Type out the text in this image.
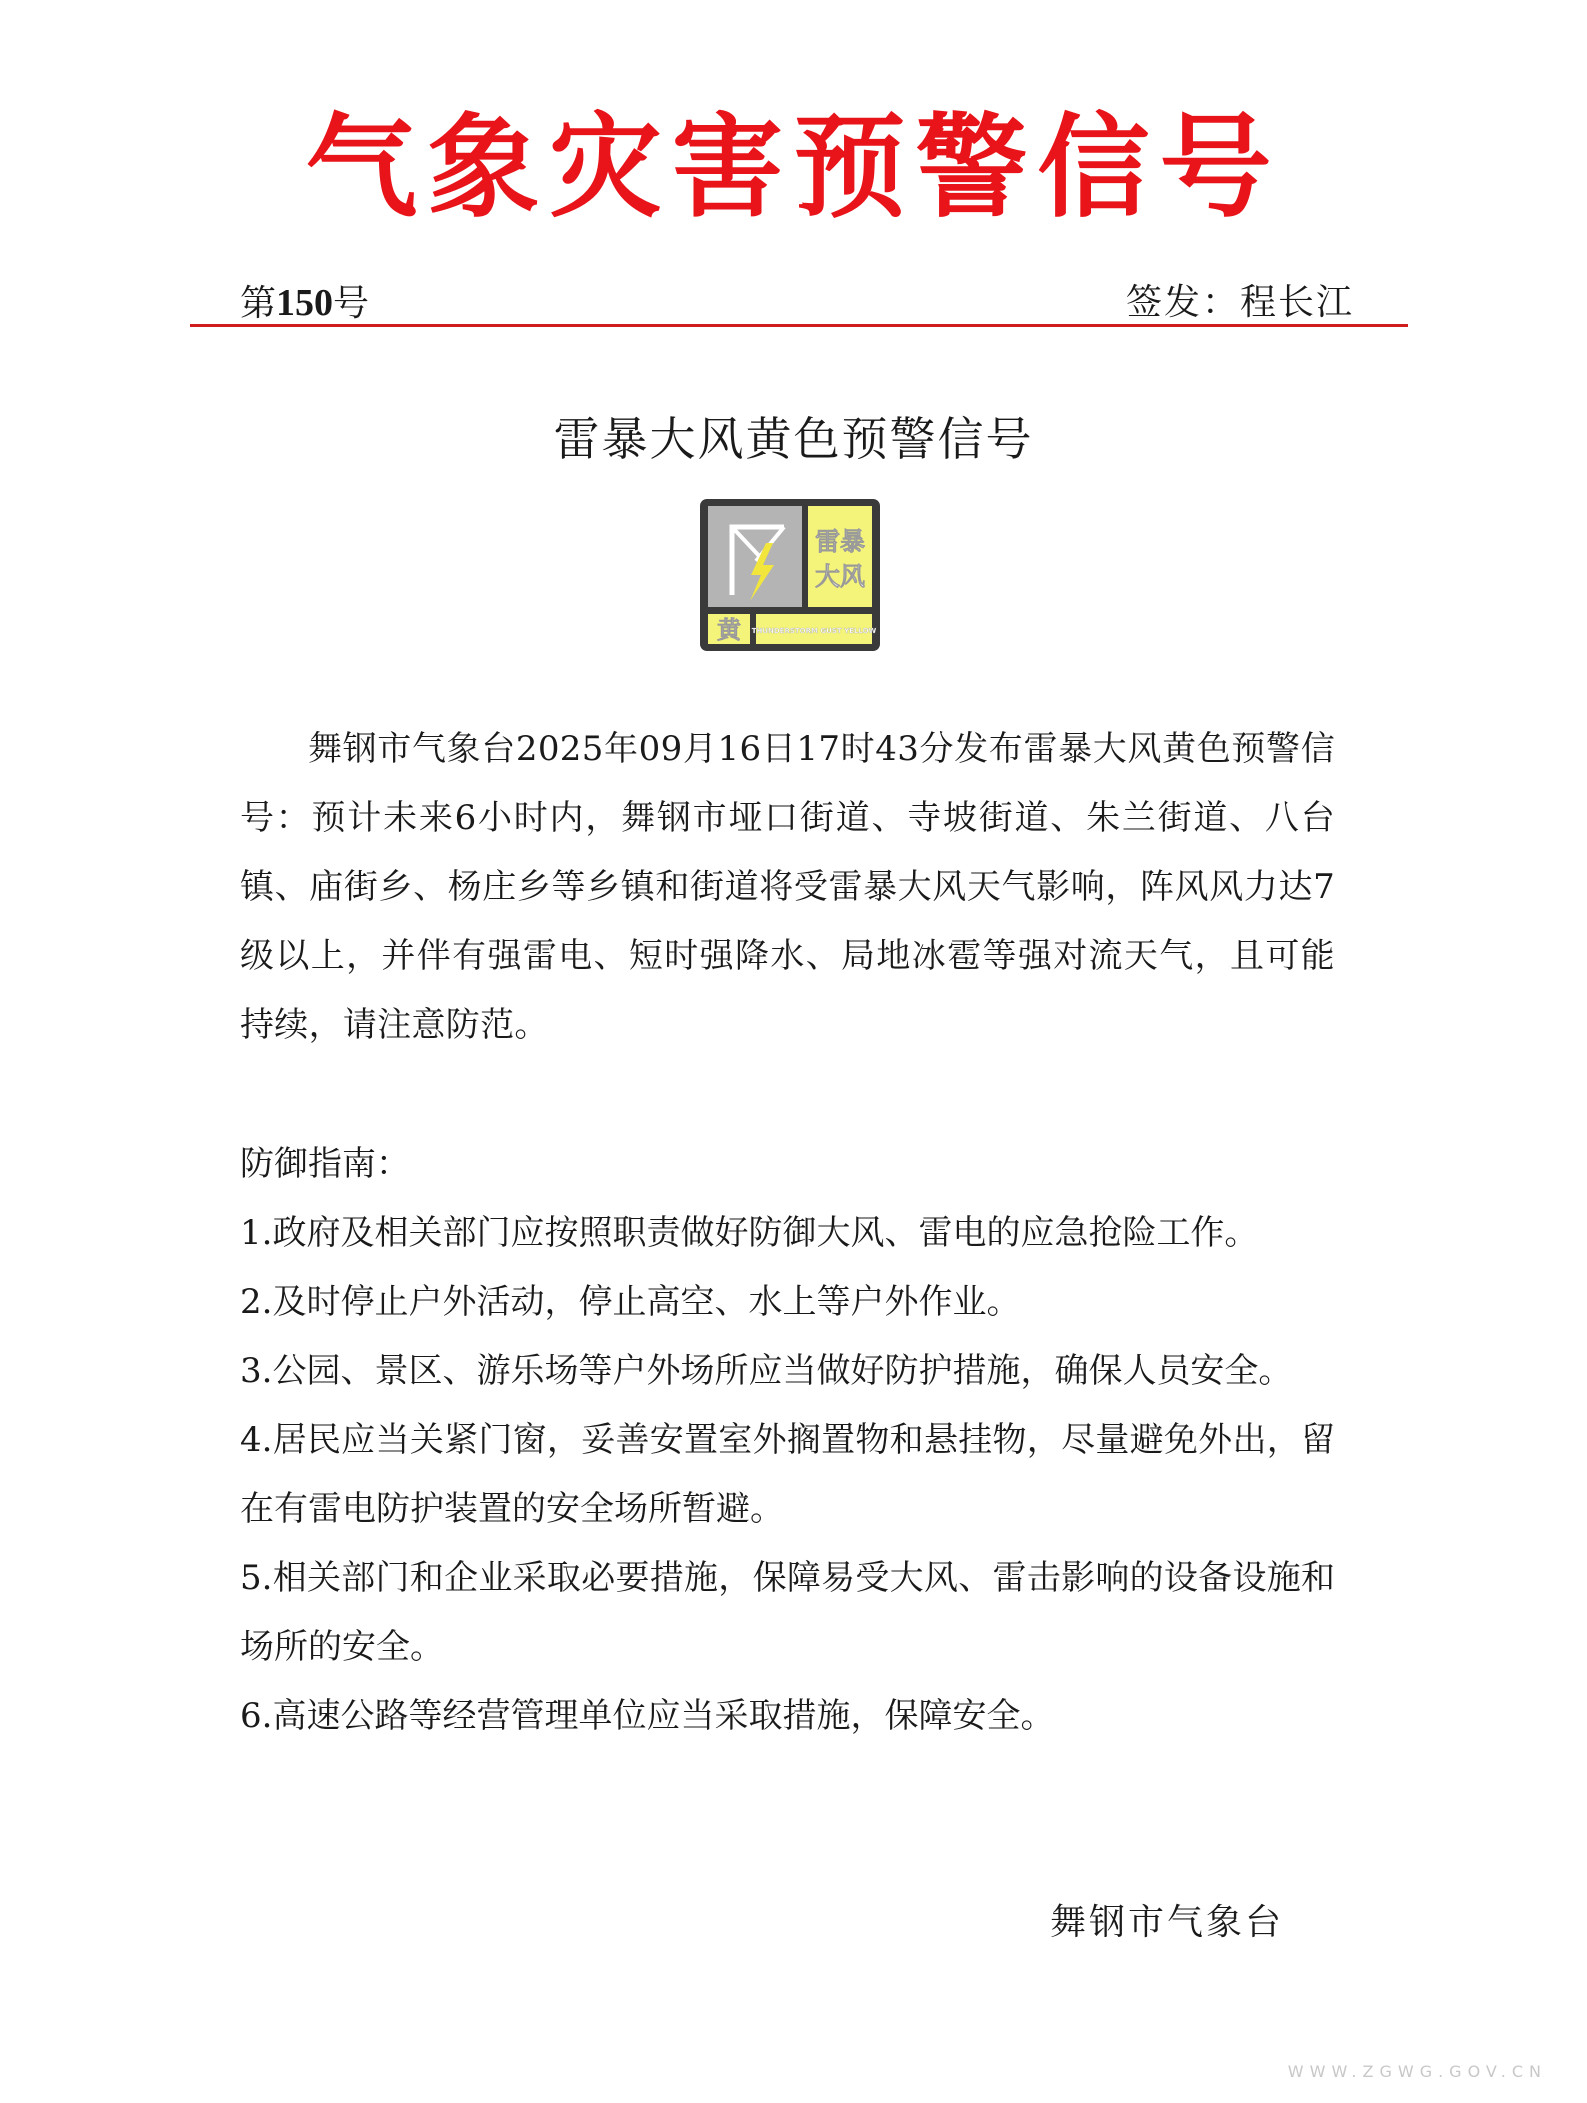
气象灾害预警信号
第150号	签发：程长江
雷暴大风黄色预警信号
雷暴
大风
黄 THUNDERSTORM GUST YELLOW

舞钢市气象台2025年09月16日17时43分发布雷暴大风黄色预警信号：预计未来6小时内，舞钢市垭口街道、寺坡街道、朱兰街道、八台镇、庙街乡、杨庄乡等乡镇和街道将受雷暴大风天气影响，阵风风力达7级以上，并伴有强雷电、短时强降水、局地冰雹等强对流天气，且可能持续，请注意防范。

防御指南：
1.政府及相关部门应按照职责做好防御大风、雷电的应急抢险工作。
2.及时停止户外活动，停止高空、水上等户外作业。
3.公园、景区、游乐场等户外场所应当做好防护措施，确保人员安全。
4.居民应当关紧门窗，妥善安置室外搁置物和悬挂物，尽量避免外出，留在有雷电防护装置的安全场所暂避。
5.相关部门和企业采取必要措施，保障易受大风、雷击影响的设备设施和场所的安全。
6.高速公路等经营管理单位应当采取措施，保障安全。
舞钢市气象台
WWW.ZGWG.GOV.CN
